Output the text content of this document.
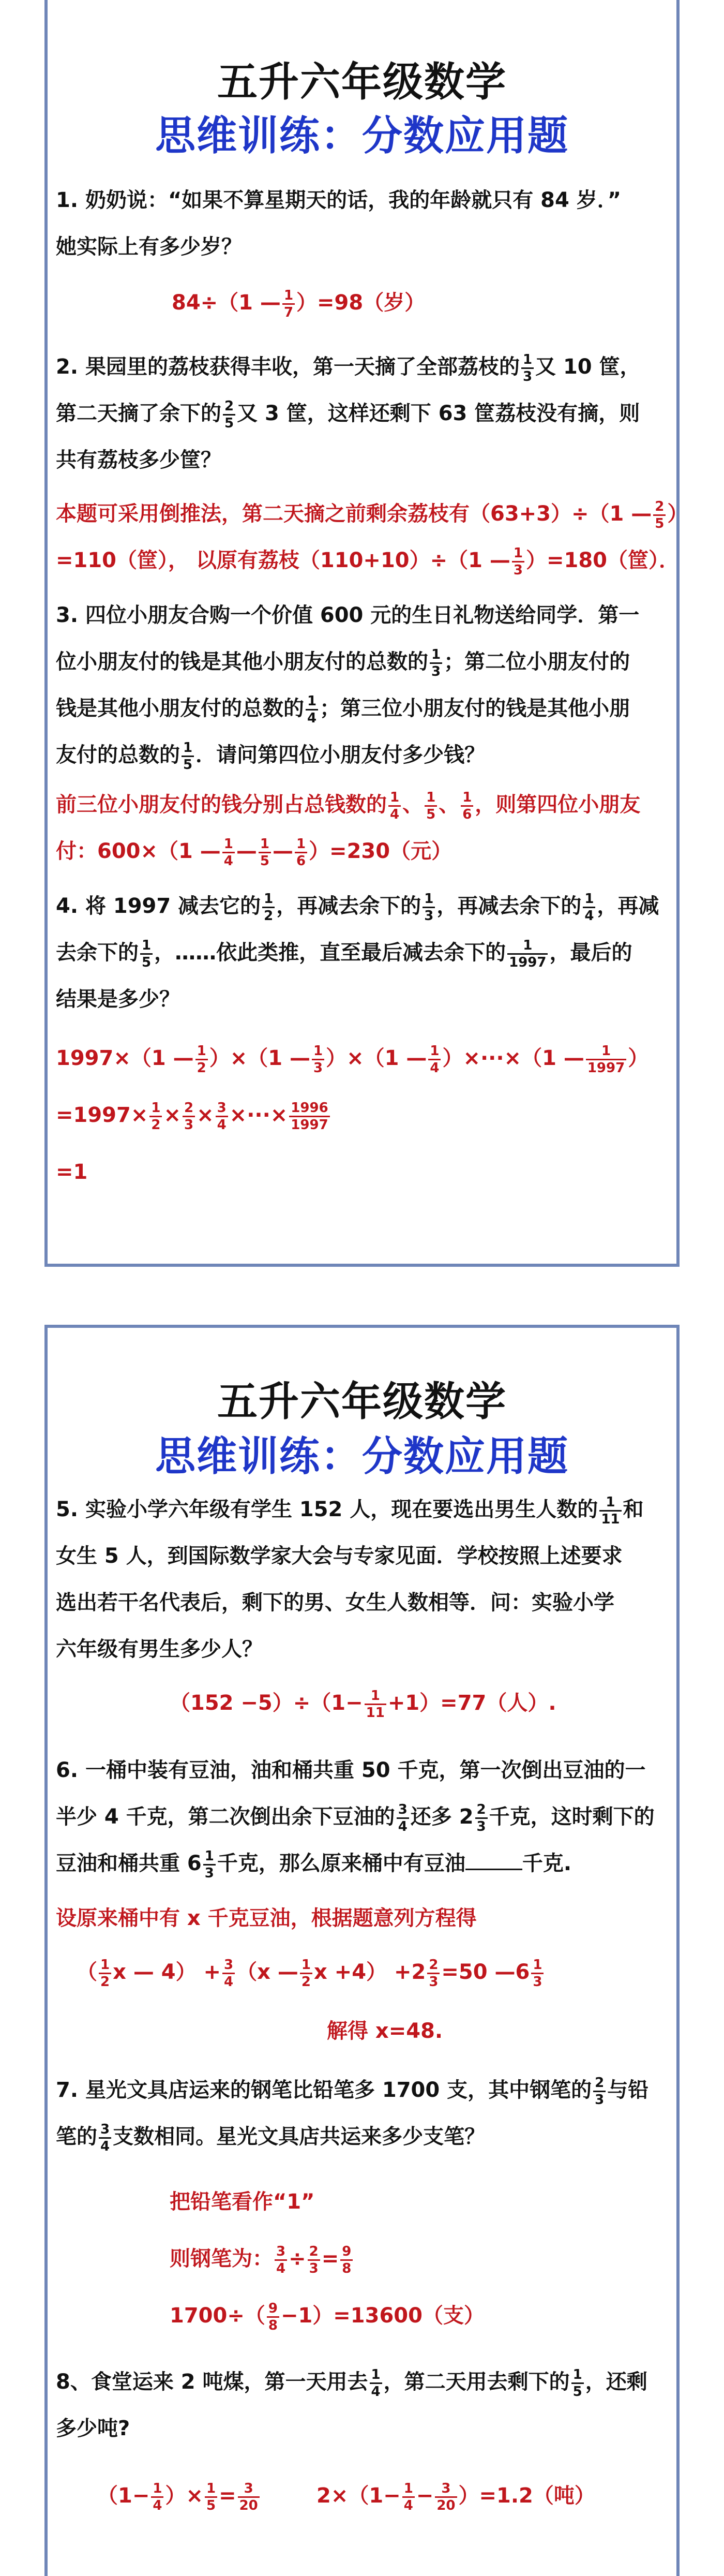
五升六年级数学
思维训练：分数应用题
1. 奶奶说：“如果不算星期天的话，我的年龄就只有 84 岁．”
她实际上有多少岁？
84÷（1 — $\frac{1}{7} )=98$（岁）
2. 果园里的荔枝获得丰收，第一天摘了全部荔枝的 $\frac{1}{3}$ 又 10 筐，
第二天摘了余下的 $\frac{2}{5}$ 又 3 筐，这样还剩下 63 筐荔枝没有摘，则
共有荔枝多少筐？
本题可采用倒推法，第二天摘之前剩余荔枝有（63+3）÷（1 — $\frac{2}{5}$ ）
=110（筐）， 以原有荔枝（110+10）÷（1 — $\frac{1}{3} )=180$（筐）．
3. 四位小朋友合购一个价值 600 元的生日礼物送给同学．第一
位小朋友付的钱是其他小朋友付的总数的 $\frac{1}{3}$ ；第二位小朋友付的
钱是其他小朋友付的总数的 $\frac{1}{4}$ ；第三位小朋友付的钱是其他小朋
友付的总数的 $\frac{1}{5}$ ．请问第四位小朋友付多少钱？
前三位小朋友付的钱分别占总钱数的 $\frac{1}{4}$ 、 $\frac{1}{5}$ 、 $\frac{1}{6}$ ，则第四位小朋友
付：600×（1 — $\frac{1}{4}$ — $\frac{1}{5}$ — $\frac{1}{6} )=230$（元）
4. 将 1997 减去它的 $\frac{1}{2}$ ，再减去余下的 $\frac{1}{3}$ ，再减去余下的 $\frac{1}{4}$ ，再减
去余下的 $\frac{1}{5}$ ，……依此类推，直至最后减去余下的 $\frac{1}{1997}$ ，最后的
结果是多少？
1997×（1 — $\frac{1}{2} )\times(1$ — $\frac{1}{3} )\times(1$ — $\frac{1}{4} )\times\cdot\cdot\cdot\times(1$ — $\frac{1}{1997}$ ）
$=1997\times \frac{1}{2} \times \frac{2}{3} \times \frac{3}{4}$ ×···× $\frac{1996}{1997}$
=1
五升六年级数学
思维训练：分数应用题
5. 实验小学六年级有学生 152 人，现在要选出男生人数的 $\frac{1}{11}$ 和
女生 5 人，到国际数学家大会与专家见面．学校按照上述要求
选出若干名代表后，剩下的男、女生人数相等．问：实验小学
六年级有男生多少人？
$(152 -5)\div(1- \frac{1}{11} +1)=77$（人）.
6. 一桶中装有豆油，油和桶共重 50 千克，第一次倒出豆油的一
半少 4 千克，第二次倒出余下豆油的 $\frac{3}{4}$ 还多 $2 \frac{2}{3}$ 千克，这时剩下的
豆油和桶共重 $6 \frac{1}{3}$ 千克，那么原来桶中有豆油	千克.
设原来桶中有 x 千克豆油，根据题意列方程得
（ $\frac{1}{2}$ x — $4) + \frac{3}{4} (x$ — $\frac{1}{2}$ $x +4) +2 \frac{2}{3} =50$ —6 $\frac{1}{3}$
解得 x=48.
7. 星光文具店运来的钢笔比铅笔多 1700 支，其中钢笔的 $\frac{2}{3}$ 与铅
笔的 $\frac{3}{4}$ 支数相同。星光文具店共运来多少支笔？
把铅笔看作“1”
则钢笔为： $\frac{3}{4} \div \frac{2}{3} = \frac{9}{8}$
$1700\div( \frac{9}{8} -1)=13600$（支）
8、食堂运来 2 吨煤，第一天用去 $\frac{1}{4}$ ，第二天用去剩下的 $\frac{1}{5}$ ，还剩
多少吨?
（$1- \frac{1}{4}$ ）× $\frac{1}{5} = \frac{3}{20}$	$2\times(1- \frac{1}{4} - \frac{3}{20} )=1.2$（吨）
